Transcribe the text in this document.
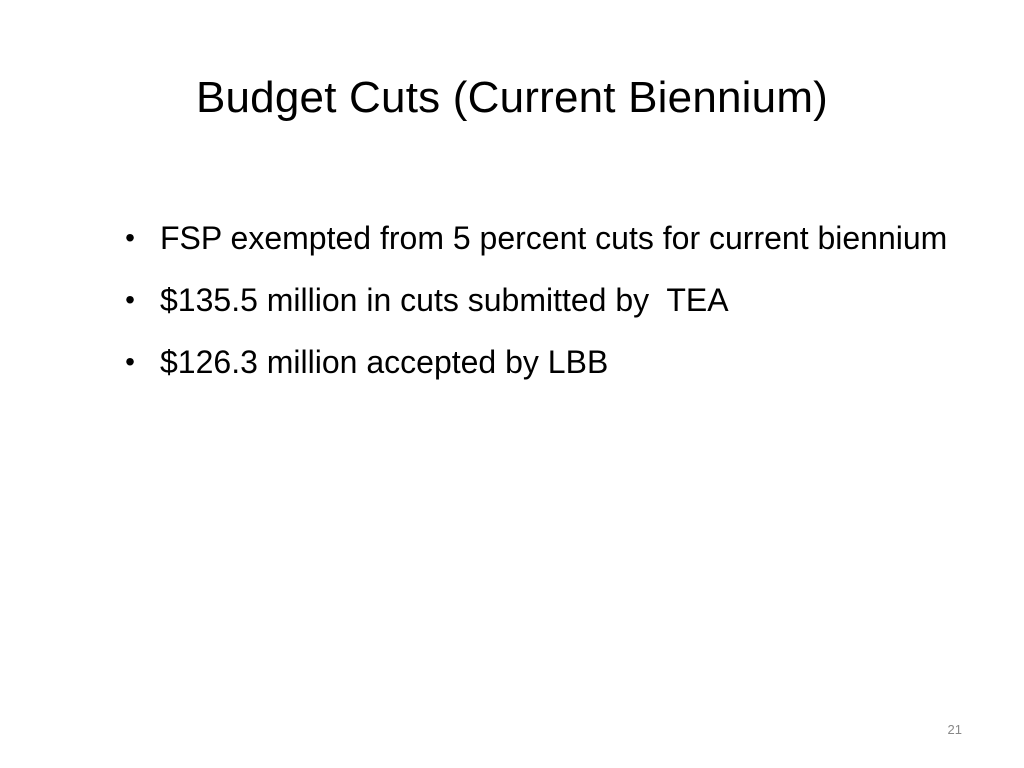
Budget Cuts (Current Biennium)
• FSP exempted from 5 percent cuts for current biennium
• $135.5 million in cuts submitted by  TEA
• $126.3 million accepted by LBB
21
